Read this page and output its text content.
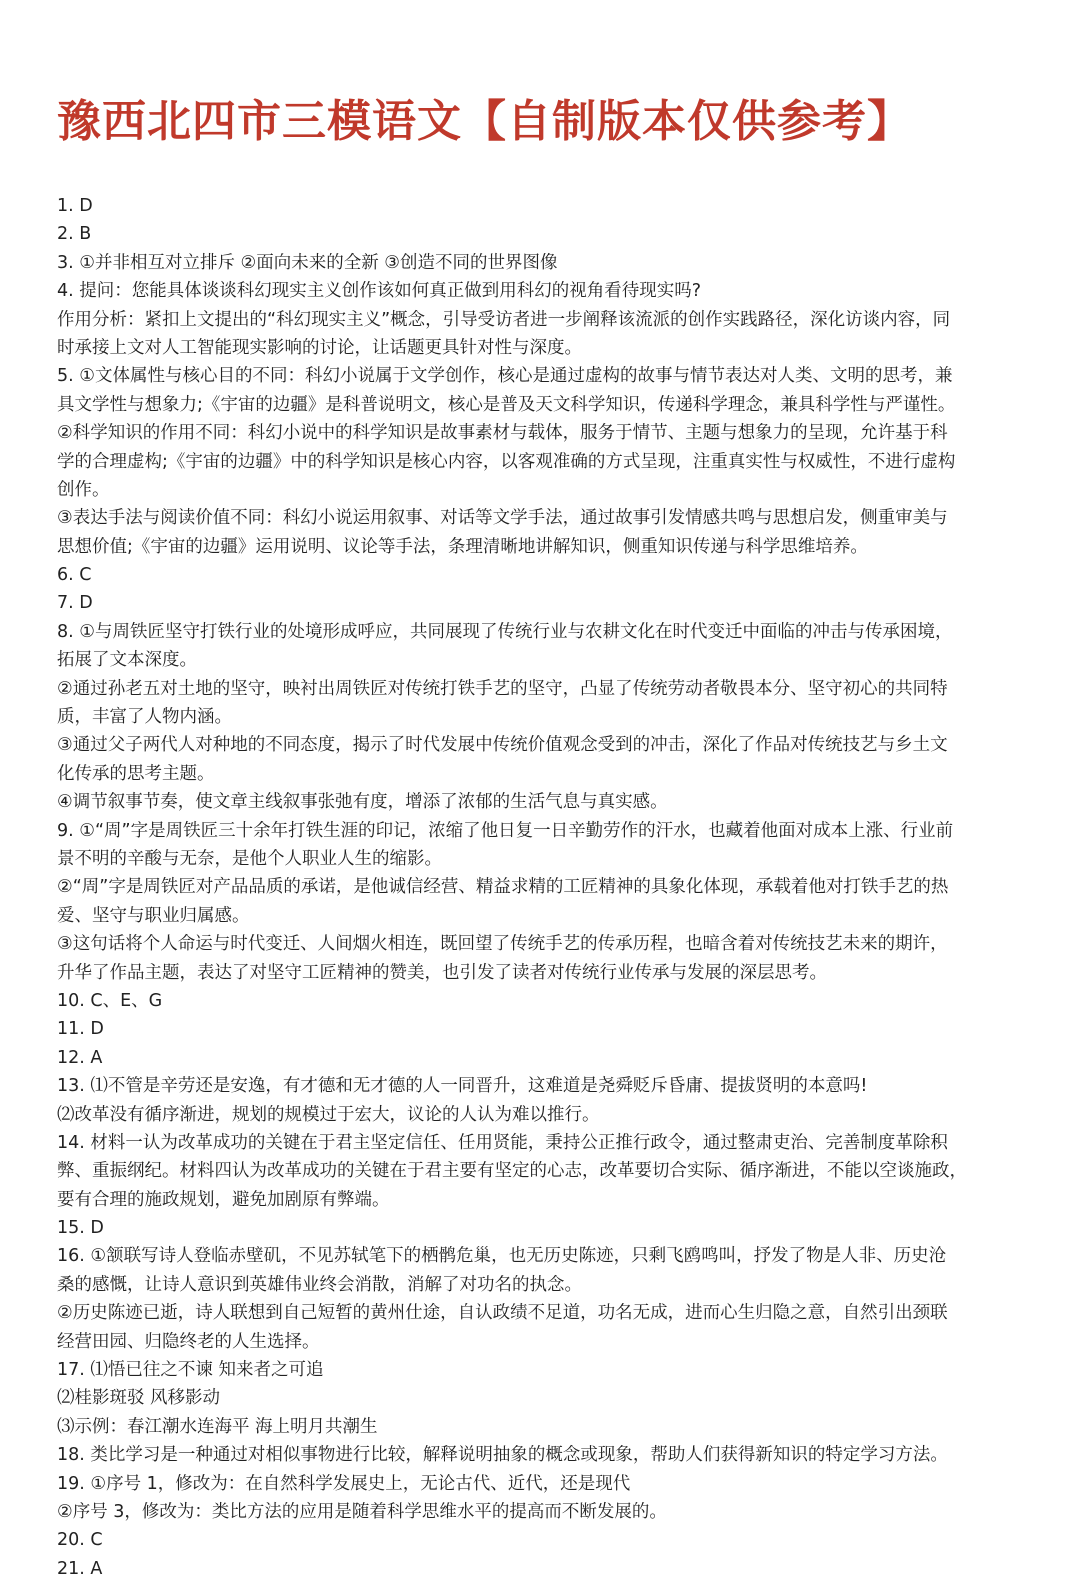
豫西北四市三模语文【自制版本仅供参考】
1. D
2. B
3. ①并非相互对立排斥 ②面向未来的全新 ③创造不同的世界图像
4. 提问：您能具体谈谈科幻现实主义创作该如何真正做到用科幻的视角看待现实吗?
作用分析：紧扣上文提出的“科幻现实主义”概念，引导受访者进一步阐释该流派的创作实践路径，深化访谈内容，同
时承接上文对人工智能现实影响的讨论，让话题更具针对性与深度。
5. ①文体属性与核心目的不同：科幻小说属于文学创作，核心是通过虚构的故事与情节表达对人类、文明的思考，兼
具文学性与想象力;《宇宙的边疆》是科普说明文，核心是普及天文科学知识，传递科学理念，兼具科学性与严谨性。
②科学知识的作用不同：科幻小说中的科学知识是故事素材与载体，服务于情节、主题与想象力的呈现，允许基于科
学的合理虚构;《宇宙的边疆》中的科学知识是核心内容，以客观准确的方式呈现，注重真实性与权威性，不进行虚构
创作。
③表达手法与阅读价值不同：科幻小说运用叙事、对话等文学手法，通过故事引发情感共鸣与思想启发，侧重审美与
思想价值;《宇宙的边疆》运用说明、议论等手法，条理清晰地讲解知识，侧重知识传递与科学思维培养。
6. C
7. D
8. ①与周铁匠坚守打铁行业的处境形成呼应，共同展现了传统行业与农耕文化在时代变迁中面临的冲击与传承困境，
拓展了文本深度。
②通过孙老五对土地的坚守，映衬出周铁匠对传统打铁手艺的坚守，凸显了传统劳动者敬畏本分、坚守初心的共同特
质，丰富了人物内涵。
③通过父子两代人对种地的不同态度，揭示了时代发展中传统价值观念受到的冲击，深化了作品对传统技艺与乡土文
化传承的思考主题。
④调节叙事节奏，使文章主线叙事张弛有度，增添了浓郁的生活气息与真实感。
9. ①“周”字是周铁匠三十余年打铁生涯的印记，浓缩了他日复一日辛勤劳作的汗水，也藏着他面对成本上涨、行业前
景不明的辛酸与无奈，是他个人职业人生的缩影。
②“周”字是周铁匠对产品品质的承诺，是他诚信经营、精益求精的工匠精神的具象化体现，承载着他对打铁手艺的热
爱、坚守与职业归属感。
③这句话将个人命运与时代变迁、人间烟火相连，既回望了传统手艺的传承历程，也暗含着对传统技艺未来的期许，
升华了作品主题，表达了对坚守工匠精神的赞美，也引发了读者对传统行业传承与发展的深层思考。
10. C、E、G
11. D
12. A
13. ⑴不管是辛劳还是安逸，有才德和无才德的人一同晋升，这难道是尧舜贬斥昏庸、提拔贤明的本意吗!
⑵改革没有循序渐进，规划的规模过于宏大，议论的人认为难以推行。
14. 材料一认为改革成功的关键在于君主坚定信任、任用贤能，秉持公正推行政令，通过整肃吏治、完善制度革除积
弊、重振纲纪。材料四认为改革成功的关键在于君主要有坚定的心志，改革要切合实际、循序渐进，不能以空谈施政，
要有合理的施政规划，避免加剧原有弊端。
15. D
16. ①颔联写诗人登临赤壁矶，不见苏轼笔下的栖鹘危巢，也无历史陈迹，只剩飞鸥鸣叫，抒发了物是人非、历史沧
桑的感慨，让诗人意识到英雄伟业终会消散，消解了对功名的执念。
②历史陈迹已逝，诗人联想到自己短暂的黄州仕途，自认政绩不足道，功名无成，进而心生归隐之意，自然引出颈联
经营田园、归隐终老的人生选择。
17. ⑴悟已往之不谏 知来者之可追
⑵桂影斑驳 风移影动
⑶示例：春江潮水连海平 海上明月共潮生
18. 类比学习是一种通过对相似事物进行比较，解释说明抽象的概念或现象，帮助人们获得新知识的特定学习方法。
19. ①序号 1，修改为：在自然科学发展史上，无论古代、近代，还是现代
②序号 3，修改为：类比方法的应用是随着科学思维水平的提高而不断发展的。
20. C
21. A
